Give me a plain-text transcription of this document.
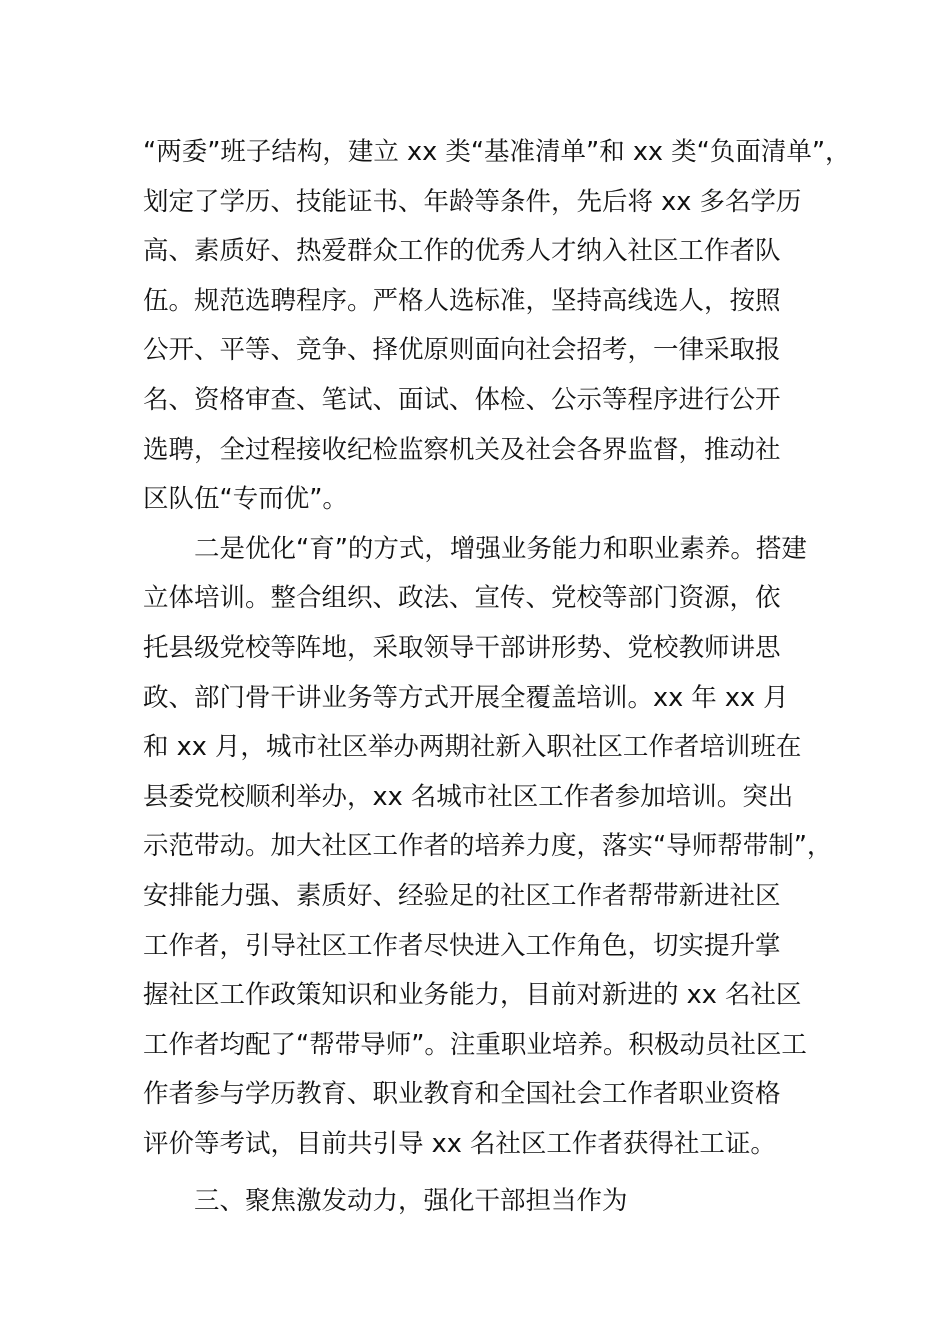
“两委”班子结构，建立 xx 类“基准清单”和 xx 类“负面清单”，
划定了学历、技能证书、年龄等条件，先后将 xx 多名学历
高、素质好、热爱群众工作的优秀人才纳入社区工作者队
伍。规范选聘程序。严格人选标准，坚持高线选人，按照
公开、平等、竞争、择优原则面向社会招考，一律采取报
名、资格审查、笔试、面试、体检、公示等程序进行公开
选聘，全过程接收纪检监察机关及社会各界监督，推动社
区队伍“专而优”。
二是优化“育”的方式，增强业务能力和职业素养。搭建
立体培训。整合组织、政法、宣传、党校等部门资源，依
托县级党校等阵地，采取领导干部讲形势、党校教师讲思
政、部门骨干讲业务等方式开展全覆盖培训。xx 年 xx 月
和 xx 月，城市社区举办两期社新入职社区工作者培训班在
县委党校顺利举办，xx 名城市社区工作者参加培训。突出
示范带动。加大社区工作者的培养力度，落实“导师帮带制”，
安排能力强、素质好、经验足的社区工作者帮带新进社区
工作者，引导社区工作者尽快进入工作角色，切实提升掌
握社区工作政策知识和业务能力，目前对新进的 xx 名社区
工作者均配了“帮带导师”。注重职业培养。积极动员社区工
作者参与学历教育、职业教育和全国社会工作者职业资格
评价等考试，目前共引导 xx 名社区工作者获得社工证。
三、聚焦激发动力，强化干部担当作为
